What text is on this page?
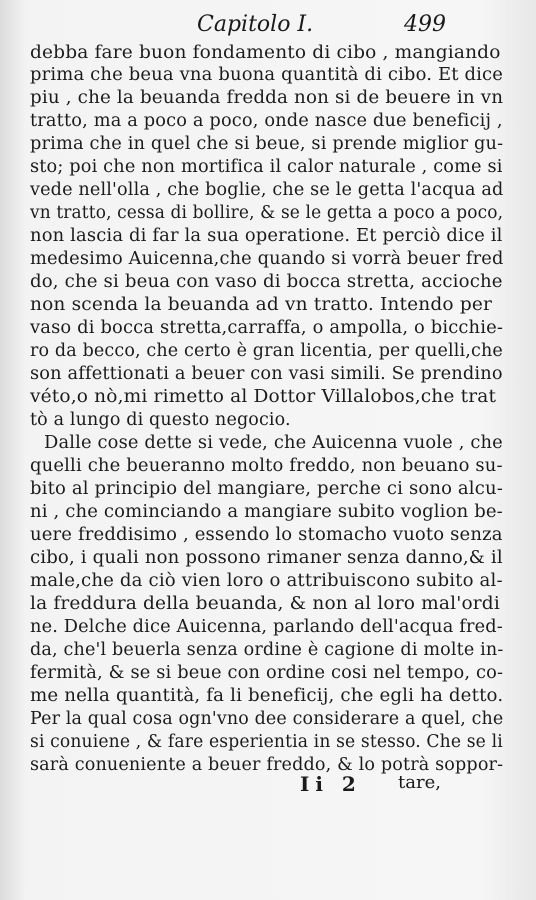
Capitolo I.	499
debba fare buon fondamento di cibo , mangiando
prima che beua vna buona quantità di cibo. Et dice
piu , che la beuanda fredda non si de beuere in vn
tratto, ma a poco a poco, onde nasce due beneficij ,
prima che in quel che si beue, si prende miglior gu-
sto; poi che non mortifica il calor naturale , come si
vede nell'olla , che boglie, che se le getta l'acqua ad
vn tratto, cessa di bollire, & se le getta a poco a poco,
non lascia di far la sua operatione. Et perciò dice il
medesimo Auicenna,che quando si vorrà beuer fred
do, che si beua con vaso di bocca stretta, accioche
non scenda la beuanda ad vn tratto. Intendo per
vaso di bocca stretta,carraffa, o ampolla, o bicchie-
ro da becco, che certo è gran licentia, per quelli,che
son affettionati a beuer con vasi simili. Se prendino
véto,o nò,mi rimetto al Dottor Villalobos,che trat
tò a lungo di questo negocio.
Dalle cose dette si vede, che Auicenna vuole , che
quelli che beueranno molto freddo, non beuano su-
bito al principio del mangiare, perche ci sono alcu-
ni , che cominciando a mangiare subito voglion be-
uere freddisimo , essendo lo stomacho vuoto senza
cibo, i quali non possono rimaner senza danno,& il
male,che da ciò vien loro o attribuiscono subito al-
la freddura della beuanda, & non al loro mal'ordi
ne. Delche dice Auicenna, parlando dell'acqua fred-
da, che'l beuerla senza ordine è cagione di molte in-
fermità, & se si beue con ordine cosi nel tempo, co-
me nella quantità, fa li beneficij, che egli ha detto.
Per la qual cosa ogn'vno dee considerare a quel, che
si conuiene , & fare esperientia in se stesso. Che se li
sarà conueniente a beuer freddo, & lo potrà soppor-
Ii 2 tare,
